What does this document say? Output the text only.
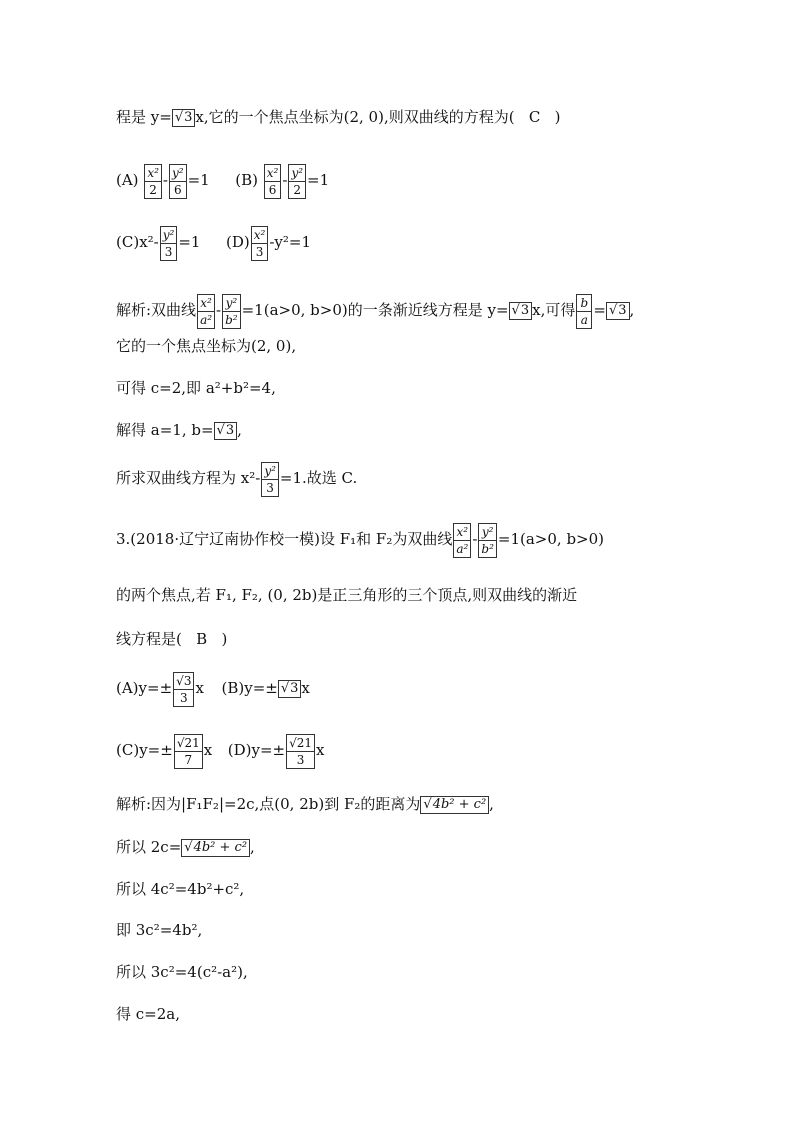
程是 y= √3 x,它的一个焦点坐标为(2, 0),则双曲线的方程为(   C   )
$(A) \frac{\text{x²}}{2} - \frac{\text{y²}}{6} =1$ $(B) \frac{\text{x²}}{6} - \frac{\text{y²}}{2} =1$
$(C)x^2- \frac{\text{y²}}{3} =1$ $(D) \frac{\text{x²}}{3} -y^2=1$
解析:双曲线 $\frac{\text{x²}}{\text{a²}} - \frac{\text{y²}}{\text{b²}} =1(a>0$, b>0)的一条渐近线方程是 y= √3 x,可得 $\frac{b}{a} = √3$ ,
它的一个焦点坐标为(2, 0),
可得 c=2,即 a²+b²=4,
解得 a=1, b= √3 ,
所求双曲线方程为 $x^2- \frac{\text{y²}}{3} =1$.故选 C.
3.(2018·辽宁辽南协作校一模)设 F₁和 F₂为双曲线 $\frac{\text{x²}}{\text{a²}} - \frac{\text{y²}}{\text{b²}} =1(a>0$, b>0)
的两个焦点,若 F₁, F₂, (0, 2b)是正三角形的三个顶点,则双曲线的渐近
线方程是(   B   )
$(A)y=\pm \frac{√3}{3}$ x (B)y=± √3 x
$(C)y=\pm \frac{√21}{7}$ x $(D)y=\pm \frac{√21}{3}$ x
解析:因为|F₁F₂|=2c,点(0, 2b)到 F₂的距离为 √4b² + c² ,
所以 2c= √4b² + c² ,
所以 4c²=4b²+c²,
即 3c²=4b²,
所以 3c²=4(c²-a²),
得 c=2a,
